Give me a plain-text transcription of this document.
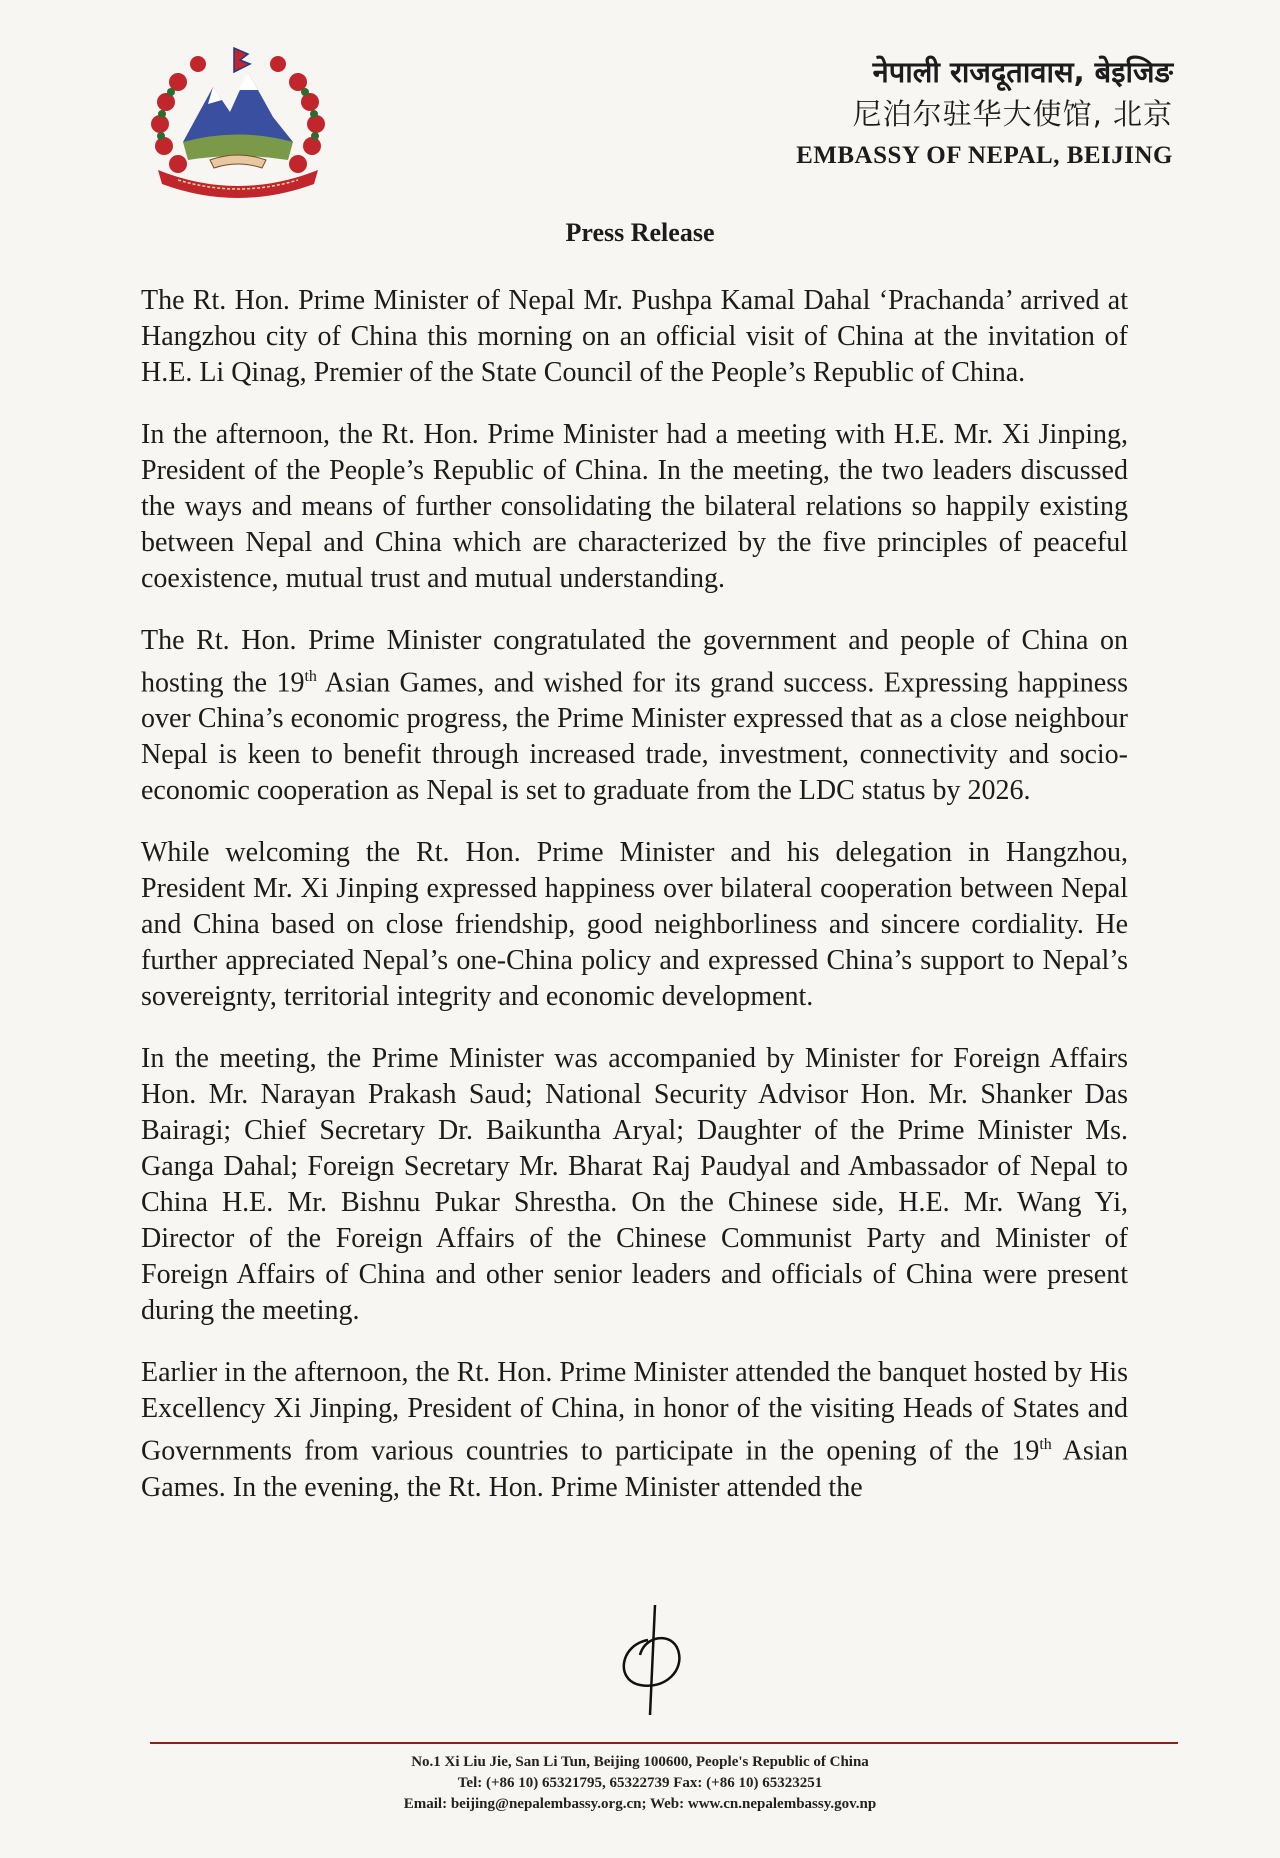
नेपाली राजदूतावास, बेइजिङ
尼泊尔驻华大使馆, 北京
EMBASSY OF NEPAL, BEIJING
Press Release

The Rt. Hon. Prime Minister of Nepal Mr. Pushpa Kamal Dahal ‘Prachanda’ arrived at Hangzhou city of China this morning on an official visit of China at the invitation of H.E. Li Qinag, Premier of the State Council of the People’s Republic of China.

In the afternoon, the Rt. Hon. Prime Minister had a meeting with H.E. Mr. Xi Jinping, President of the People’s Republic of China. In the meeting, the two leaders discussed the ways and means of further consolidating the bilateral relations so happily existing between Nepal and China which are characterized by the five principles of peaceful coexistence, mutual trust and mutual understanding.

The Rt. Hon. Prime Minister congratulated the government and people of China on hosting the 19th Asian Games, and wished for its grand success. Expressing happiness over China’s economic progress, the Prime Minister expressed that as a close neighbour Nepal is keen to benefit through increased trade, investment, connectivity and socio-economic cooperation as Nepal is set to graduate from the LDC status by 2026.

While welcoming the Rt. Hon. Prime Minister and his delegation in Hangzhou, President Mr. Xi Jinping expressed happiness over bilateral cooperation between Nepal and China based on close friendship, good neighborliness and sincere cordiality. He further appreciated Nepal’s one-China policy and expressed China’s support to Nepal’s sovereignty, territorial integrity and economic development.

In the meeting, the Prime Minister was accompanied by Minister for Foreign Affairs Hon. Mr. Narayan Prakash Saud; National Security Advisor Hon. Mr. Shanker Das Bairagi; Chief Secretary Dr. Baikuntha Aryal; Daughter of the Prime Minister Ms. Ganga Dahal; Foreign Secretary Mr. Bharat Raj Paudyal and Ambassador of Nepal to China H.E. Mr. Bishnu Pukar Shrestha. On the Chinese side, H.E. Mr. Wang Yi, Director of the Foreign Affairs of the Chinese Communist Party and Minister of Foreign Affairs of China and other senior leaders and officials of China were present during the meeting.

Earlier in the afternoon, the Rt. Hon. Prime Minister attended the banquet hosted by His Excellency Xi Jinping, President of China, in honor of the visiting Heads of States and Governments from various countries to participate in the opening of the 19th Asian Games. In the evening, the Rt. Hon. Prime Minister attended the

No.1 Xi Liu Jie, San Li Tun, Beijing 100600, People's Republic of China
Tel: (+86 10) 65321795, 65322739 Fax: (+86 10) 65323251
Email: beijing@nepalembassy.org.cn; Web: www.cn.nepalembassy.gov.np
